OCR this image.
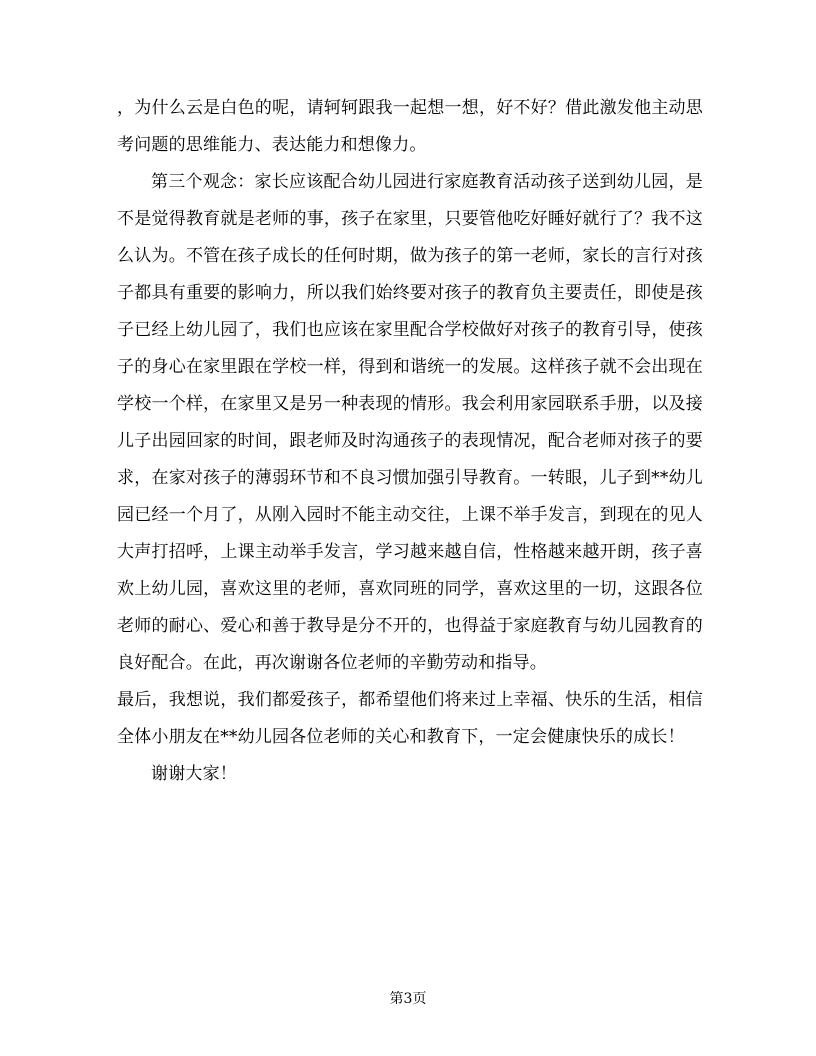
，为什么云是白色的呢，请轲轲跟我一起想一想，好不好？借此激发他主动思考问题的思维能力、表达能力和想像力。

第三个观念：家长应该配合幼儿园进行家庭教育活动孩子送到幼儿园，是不是觉得教育就是老师的事，孩子在家里，只要管他吃好睡好就行了？我不这么认为。不管在孩子成长的任何时期，做为孩子的第一老师，家长的言行对孩子都具有重要的影响力，所以我们始终要对孩子的教育负主要责任，即使是孩子已经上幼儿园了，我们也应该在家里配合学校做好对孩子的教育引导，使孩子的身心在家里跟在学校一样，得到和谐统一的发展。这样孩子就不会出现在学校一个样，在家里又是另一种表现的情形。我会利用家园联系手册，以及接儿子出园回家的时间，跟老师及时沟通孩子的表现情况，配合老师对孩子的要求，在家对孩子的薄弱环节和不良习惯加强引导教育。一转眼，儿子到**幼儿园已经一个月了，从刚入园时不能主动交往，上课不举手发言，到现在的见人大声打招呼，上课主动举手发言，学习越来越自信，性格越来越开朗，孩子喜欢上幼儿园，喜欢这里的老师，喜欢同班的同学，喜欢这里的一切，这跟各位老师的耐心、爱心和善于教导是分不开的，也得益于家庭教育与幼儿园教育的良好配合。在此，再次谢谢各位老师的辛勤劳动和指导。

最后，我想说，我们都爱孩子，都希望他们将来过上幸福、快乐的生活，相信全体小朋友在**幼儿园各位老师的关心和教育下，一定会健康快乐的成长！

谢谢大家！

第3页
